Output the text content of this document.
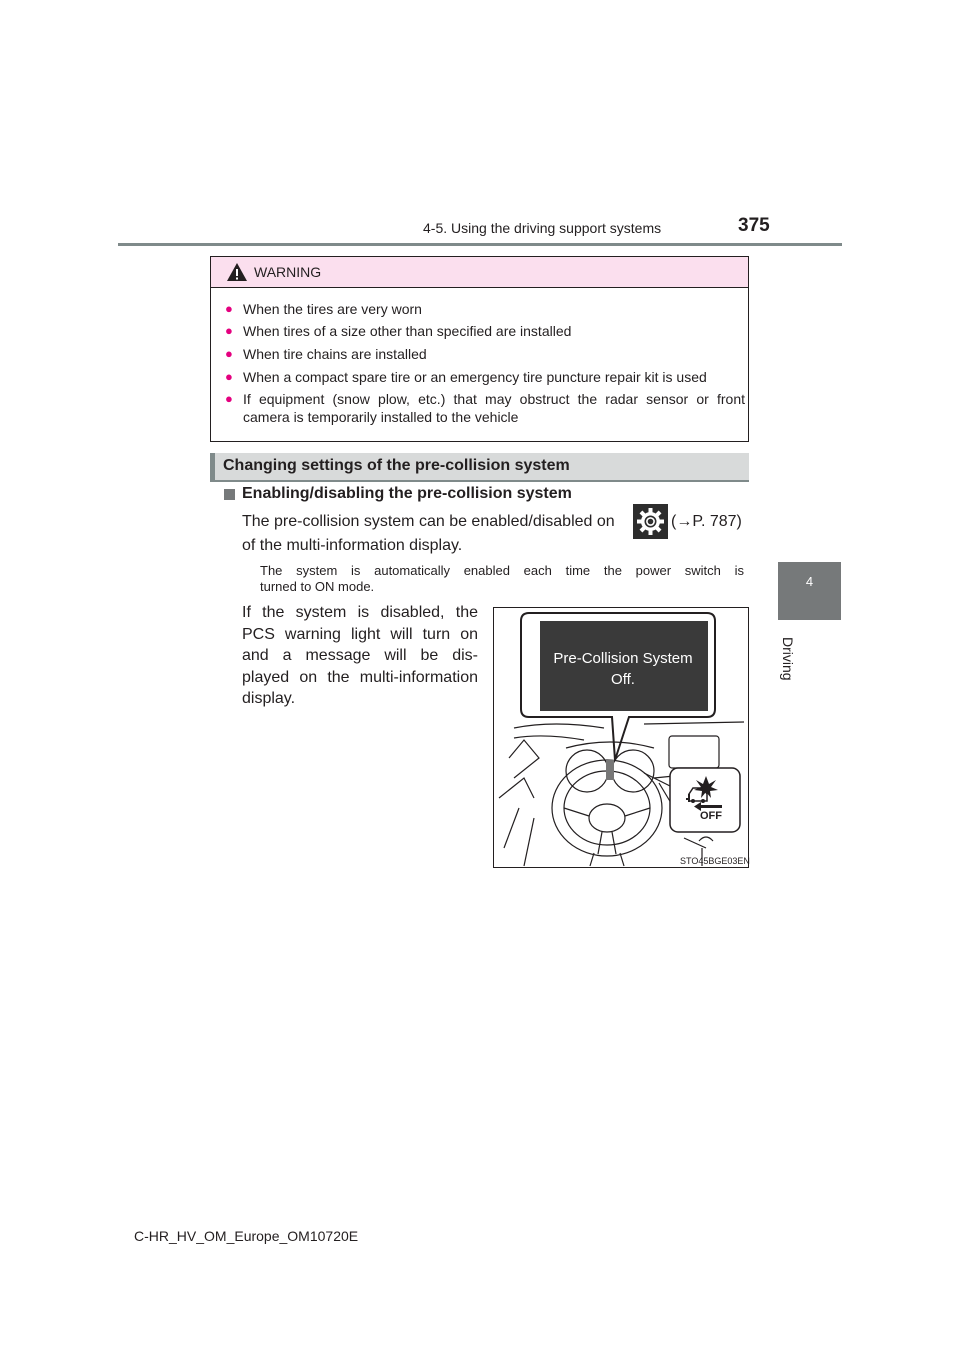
4-5. Using the driving support systems	375
4
Driving
WARNING
● When the tires are very worn
● When tires of a size other than specified are installed
● When tire chains are installed
● When a compact spare tire or an emergency tire puncture repair kit is used
● If equipment (snow plow, etc.) that may obstruct the radar sensor or front
camera is temporarily installed to the vehicle
Changing settings of the pre-collision system
Enabling/disabling the pre-collision system
The pre-collision system can be enabled/disabled on	(→P. 787)
of the multi-information display.
The system is automatically enabled each time the power switch is
turned to ON mode.
If the system is disabled, the
PCS warning light will turn on
and a message will be dis-
played on the multi-information
display.
Pre-Collision System
Off.
OFF
STO45BGE03EN
C-HR_HV_OM_Europe_OM10720E
